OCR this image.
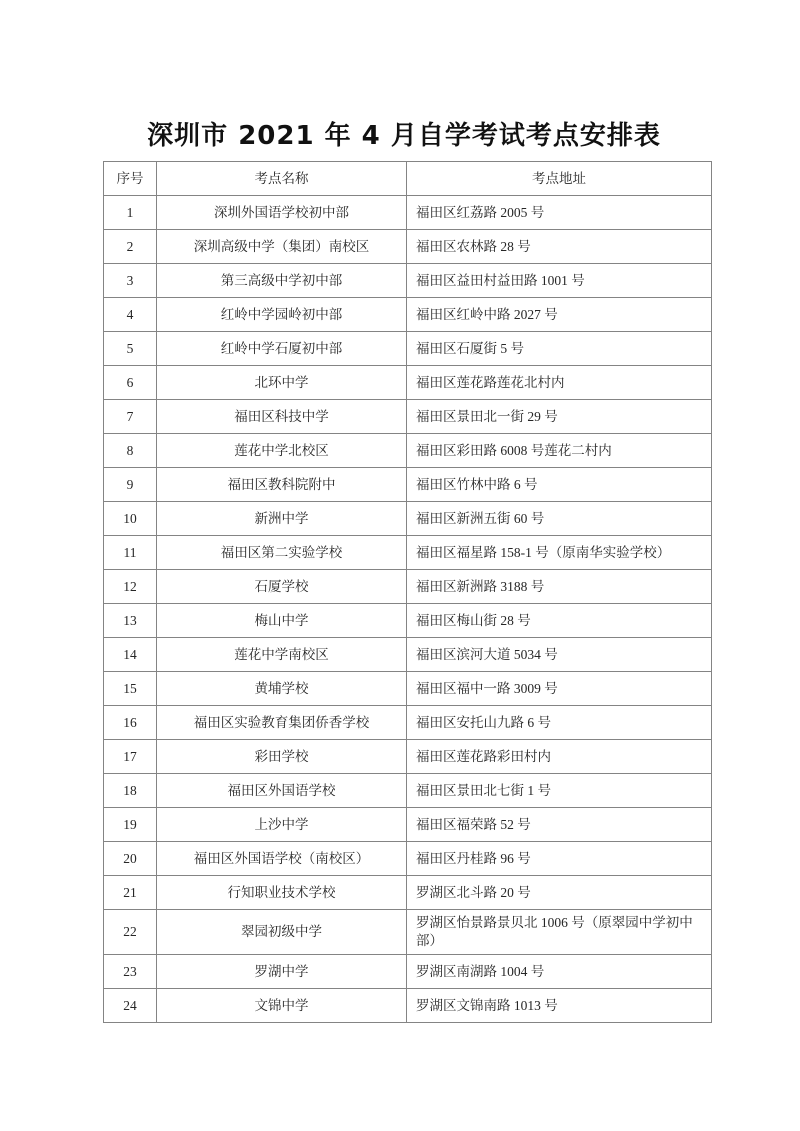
深圳市 2021 年 4 月自学考试考点安排表
序号	考点名称	考点地址
1	深圳外国语学校初中部	福田区红荔路 2005 号
2	深圳高级中学（集团）南校区	福田区农林路 28 号
3	第三高级中学初中部	福田区益田村益田路 1001 号
4	红岭中学园岭初中部	福田区红岭中路 2027 号
5	红岭中学石厦初中部	福田区石厦街 5 号
6	北环中学	福田区莲花路莲花北村内
7	福田区科技中学	福田区景田北一街 29 号
8	莲花中学北校区	福田区彩田路 6008 号莲花二村内
9	福田区教科院附中	福田区竹林中路 6 号
10	新洲中学	福田区新洲五街 60 号
11	福田区第二实验学校	福田区福星路 158-1 号（原南华实验学校）
12	石厦学校	福田区新洲路 3188 号
13	梅山中学	福田区梅山街 28 号
14	莲花中学南校区	福田区滨河大道 5034 号
15	黄埔学校	福田区福中一路 3009 号
16	福田区实验教育集团侨香学校	福田区安托山九路 6 号
17	彩田学校	福田区莲花路彩田村内
18	福田区外国语学校	福田区景田北七街 1 号
19	上沙中学	福田区福荣路 52 号
20	福田区外国语学校（南校区）	福田区丹桂路 96 号
21	行知职业技术学校	罗湖区北斗路 20 号
22	翠园初级中学	罗湖区怡景路景贝北 1006 号（原翠园中学初中部）
23	罗湖中学	罗湖区南湖路 1004 号
24	文锦中学	罗湖区文锦南路 1013 号
